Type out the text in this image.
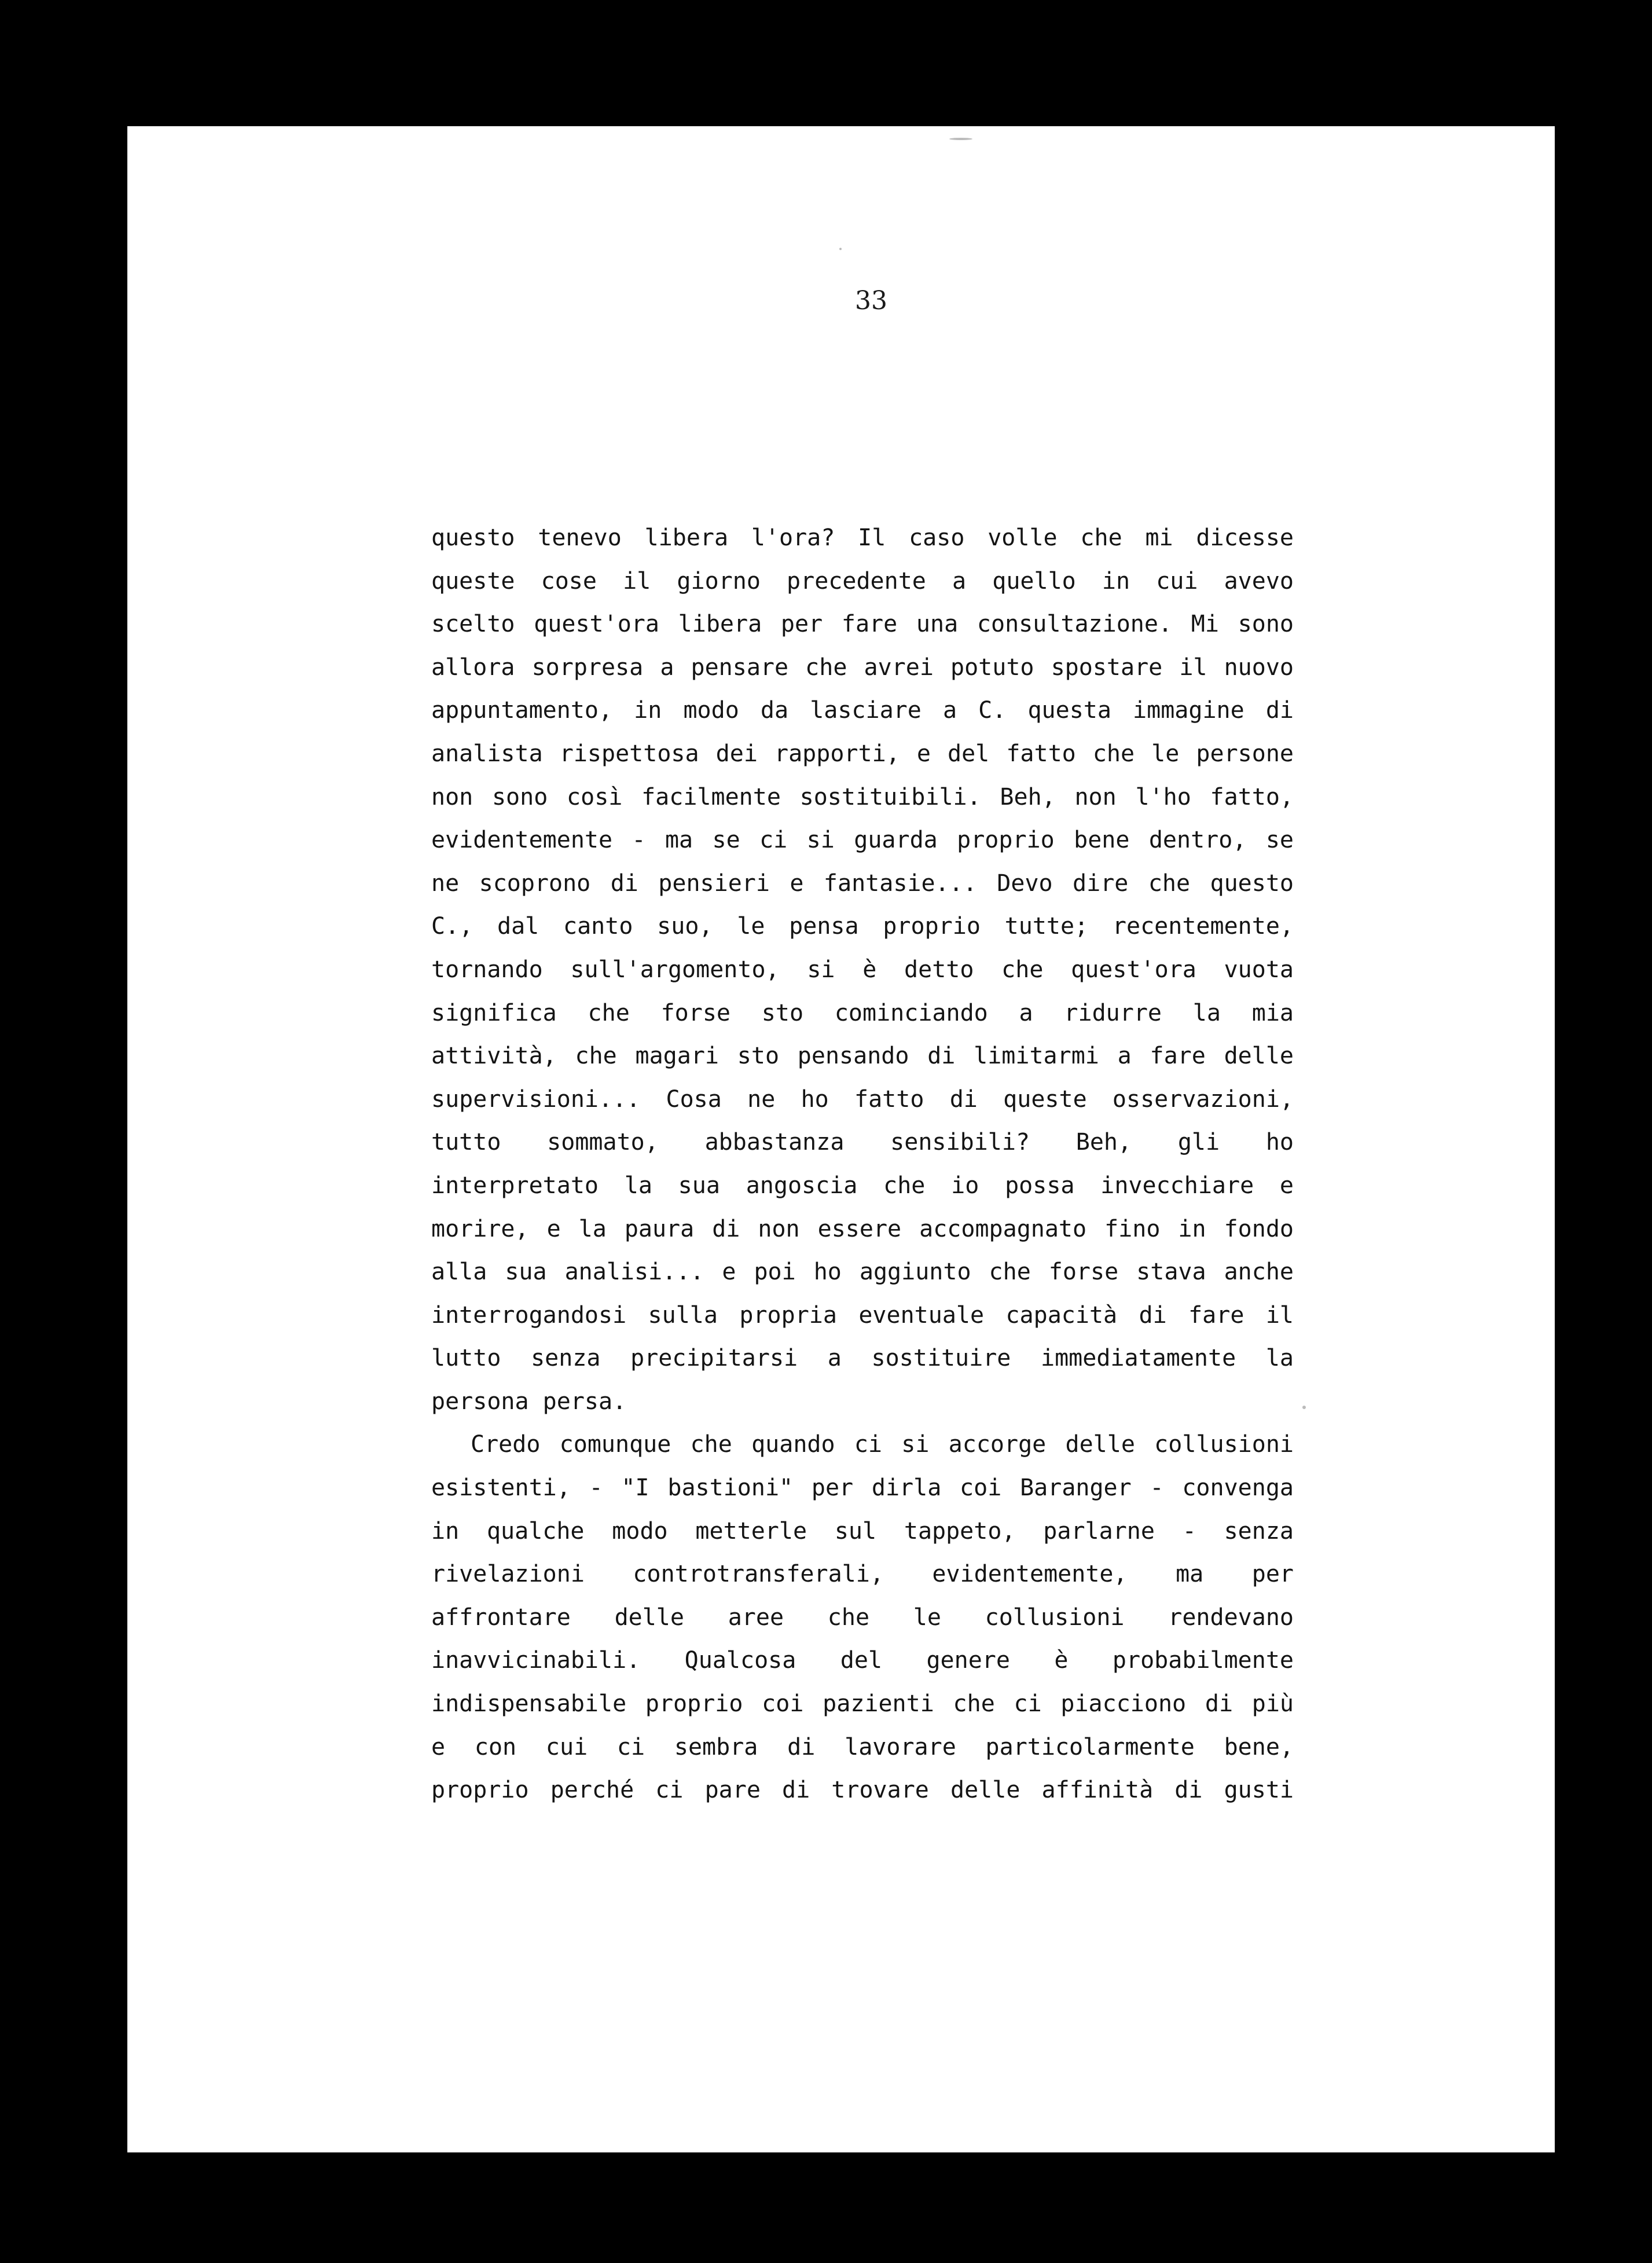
33
questo tenevo libera l'ora? Il caso volle che mi dicesse
queste cose il giorno precedente a quello in cui avevo
scelto quest'ora libera per fare una consultazione. Mi sono
allora sorpresa a pensare che avrei potuto spostare il nuovo
appuntamento, in modo da lasciare a C. questa immagine di
analista rispettosa dei rapporti, e del fatto che le persone
non sono così facilmente sostituibili. Beh, non l'ho fatto,
evidentemente - ma se ci si guarda proprio bene dentro, se
ne scoprono di pensieri e fantasie... Devo dire che questo
C., dal canto suo, le pensa proprio tutte; recentemente,
tornando sull'argomento, si è detto che quest'ora vuota
significa che forse sto cominciando a ridurre la mia
attività, che magari sto pensando di limitarmi a fare delle
supervisioni... Cosa ne ho fatto di queste osservazioni,
tutto sommato, abbastanza sensibili? Beh, gli ho
interpretato la sua angoscia che io possa invecchiare e
morire, e la paura di non essere accompagnato fino in fondo
alla sua analisi... e poi ho aggiunto che forse stava anche
interrogandosi sulla propria eventuale capacità di fare il
lutto senza precipitarsi a sostituire immediatamente la
persona persa.
Credo comunque che quando ci si accorge delle collusioni
esistenti, - "I bastioni" per dirla coi Baranger - convenga
in qualche modo metterle sul tappeto, parlarne - senza
rivelazioni controtransferali, evidentemente, ma per
affrontare delle aree che le collusioni rendevano
inavvicinabili. Qualcosa del genere è probabilmente
indispensabile proprio coi pazienti che ci piacciono di più
e con cui ci sembra di lavorare particolarmente bene,
proprio perché ci pare di trovare delle affinità di gusti
